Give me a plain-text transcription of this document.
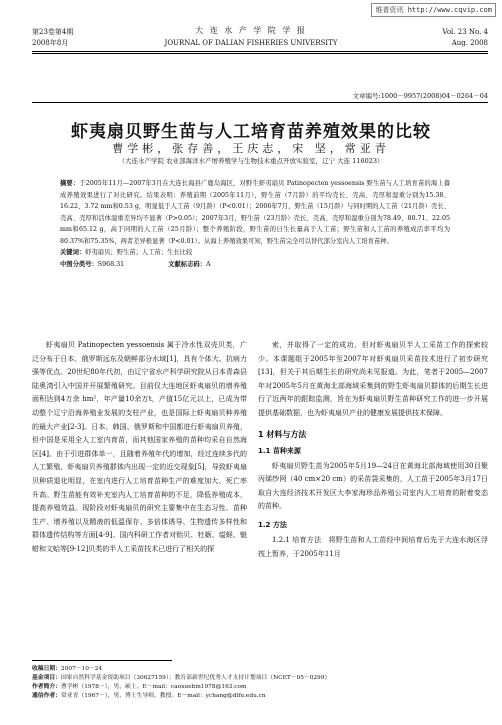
维普资讯 http://www.cqvip.com
第23卷第4期
2008年8月
大 连 水 产 学 院 学 报
JOURNAL OF DALIAN FISHERIES UNIVERSITY
Vol. 23 No. 4
Aug. 2008
文章编号:1000－9957(2008)04－0264－04
虾夷扇贝野生苗与人工培育苗养殖效果的比较
曹学彬，张存善，王庆志，宋 坚，常亚青
（大连水产学院 农业部海洋水产增养殖学与生物技术重点开放实验室，辽宁 大连 116023）
摘要：于2005年11月—2007年3月在大连长海县广鹿岛海区，对野生虾夷扇贝 Patinopecten yessoensis 野生苗与人工培育苗的海上養成养殖效果进行了对比研究。结果表明：养殖前期（2005年11月），野生苗（7月龄）的平均壳长、壳高、壳厚和湿重分别为15.38、16.22、3.72 mm和0.53 g，明显低于人工苗（9月龄）（P<0.01）；2006年7月，野生苗（15月龄）与同时期的人工苗（21月龄）壳长、壳高、壳厚和活体湿重差异均不显著（P>0.05）；2007年3月，野生苗（23月龄）壳长、壳高、壳厚和湿重分别为78.49、80.71、22.05 mm和65.12 g，高于同期的人工苗（25月龄）；整个养殖阶段，野生苗的日生长量高于人工苗；野生苗和人工苗的养殖成活率平均为80.37%和75.35%，两者差异极显著（P<0.01）。从海上养殖效果可知，野生苗完全可以替代部分室内人工培育苗种。
关键词：虾夷扇贝；野生苗；人工苗；生长比较
中图分类号：S968.31	文献标志码：A

虾夷扇贝 Patinopecten yessoensis 属于冷水性双壳贝类，广泛分布于日本、俄罗斯远东及朝鲜部分水域[1]，具有个体大、抗病力强等优点。20世纪80年代初，由辽宁省水产科学研究院从日本青森县陆奥湾引入中国并开展繁殖研究。目前仅大连地区虾夷扇贝的增养殖面积达到4万余 hm²，年产量10余万t，产值15亿元以上，已成为带动整个辽宁沿海养殖业发展的支柱产业，也是国际上虾夷扇贝种养殖的最大产业[2-3]。日本、韩国、俄罗斯和中国都进行虾夷扇贝养殖，但中国是采用全人工室内育苗，而其他国家养殖的苗种均采自自然海区[4]。由于引进群体单一，且随着养殖年代的增加，经过连续多代的人工繁殖，虾夷扇贝养殖群体内出现一定的近交现象[5]，导致虾夷扇贝种质退化明显，在室内进行人工培育苗种生产的难度加大、死亡率升高。野生苗能有效补充室内人工培育苗种的不足，降低养殖成本，提高养殖效益。现阶段对虾夷扇贝的研究主要集中在生态习性、苗种生产、增养殖以及精液的低温保存、多倍体诱导、生物遗传多样性和群体遗传结构等方面[4-9]。国内科研工作者对贻贝、牡蛎、缢蛏、魁蚶和文蛤等[9-12]贝类的半人工采苗技术已进行了相关的探

索，并取得了一定的成功，但对虾夷扇贝半人工采苗工作的探索较少。本课题组于2005年至2007年对虾夷扇贝采苗技术进行了初步研究[13]，但关于其后期生长的研究尚未见报道。为此，笔者于2005—2007年对2005年5月在黄海北部海域采集到的野生虾夷扇贝群体的后期生长进行了近两年的跟踪监测，旨在为虾夷扇贝野生苗种研究工作的进一步开展提供基础数据，也为虾夷扇贝产业的健康发展提供技术保障。

1 材料与方法
1.1 苗种来源

虾夷扇贝野生苗为2005年5月19—24日在黄海北部海域使用30目聚丙烯纱网（40 cm×20 cm）的采苗袋采集的，人工苗于2005年3月17日取自大连经济技术开发区大李家海珍品养殖公司室内人工培育的附着变态的苗种。

1.2 方法

1.2.1 培育方法　将野生苗和人工苗经中间培育后先于大连水海区浮筏上暂养，于2005年11月

收稿日期：2007－10－24
基金项目：国家自然科学基金资助项目（30627159）；教育部新世纪优秀人才支持计划项目（NCET－05－0299）
作者简介：曹学彬（1978－），男，硕士。E－mail：caoxuebin1978@163.com
通信作者：常亚青（1967－），男，博士生导师，教授。E－mail：ychang@dlfu.edu.cn
